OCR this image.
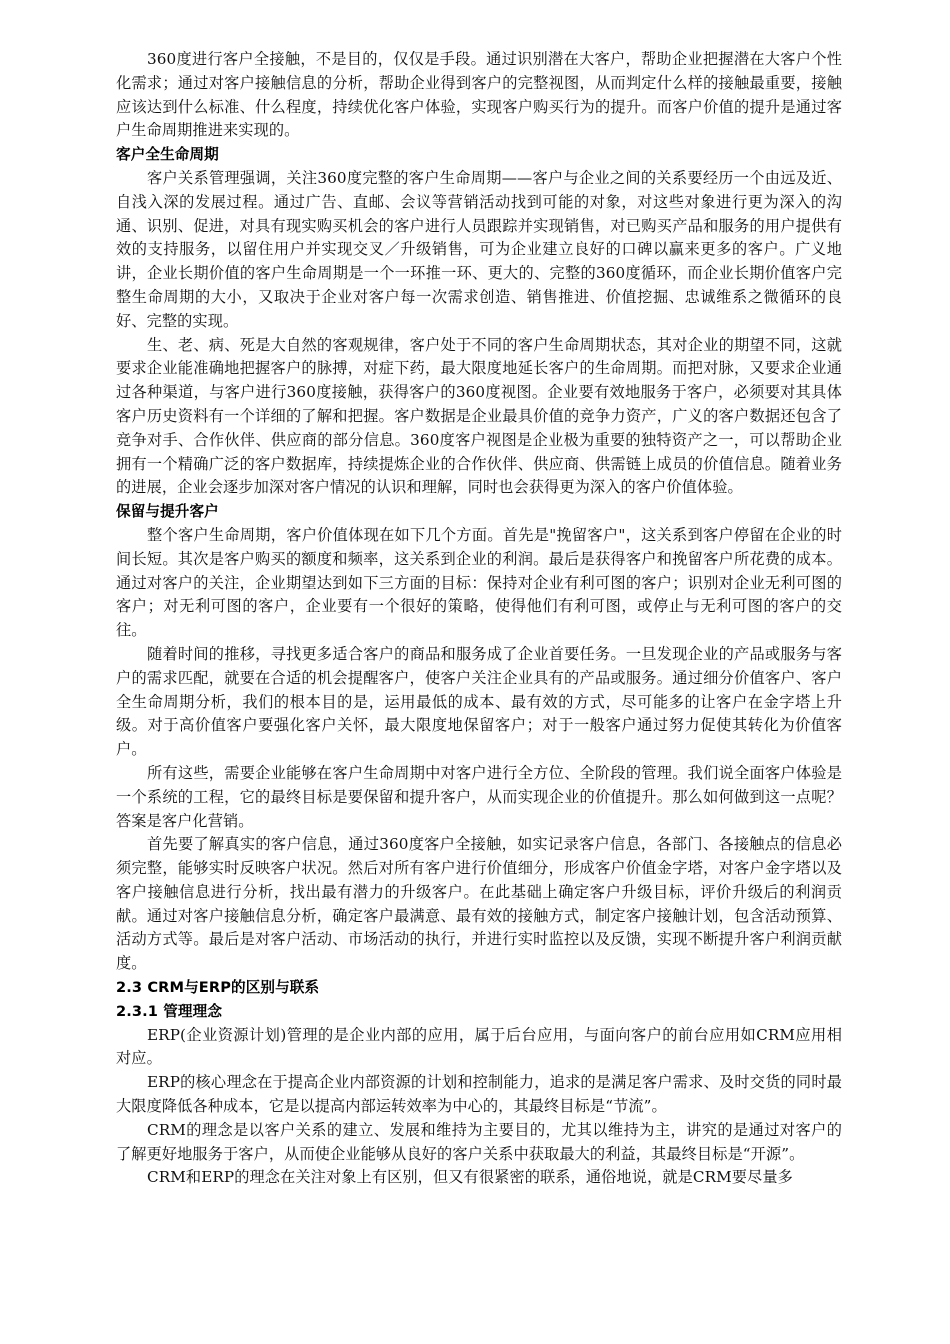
360度进行客户全接触，不是目的，仅仅是手段。通过识别潜在大客户，帮助企业把握潜在大客户个性化需求；通过对客户接触信息的分析，帮助企业得到客户的完整视图，从而判定什么样的接触最重要，接触应该达到什么标准、什么程度，持续优化客户体验，实现客户购买行为的提升。而客户价值的提升是通过客户生命周期推进来实现的。

客户全生命周期

客户关系管理强调，关注360度完整的客户生命周期——客户与企业之间的关系要经历一个由远及近、自浅入深的发展过程。通过广告、直邮、会议等营销活动找到可能的对象，对这些对象进行更为深入的沟通、识别、促进，对具有现实购买机会的客户进行人员跟踪并实现销售，对已购买产品和服务的用户提供有效的支持服务，以留住用户并实现交叉／升级销售，可为企业建立良好的口碑以赢来更多的客户。广义地讲，企业长期价值的客户生命周期是一个一环推一环、更大的、完整的360度循环，而企业长期价值客户完整生命周期的大小，又取决于企业对客户每一次需求创造、销售推进、价值挖掘、忠诚维系之微循环的良好、完整的实现。

生、老、病、死是大自然的客观规律，客户处于不同的客户生命周期状态，其对企业的期望不同，这就要求企业能准确地把握客户的脉搏，对症下药，最大限度地延长客户的生命周期。而把对脉，又要求企业通过各种渠道，与客户进行360度接触，获得客户的360度视图。企业要有效地服务于客户，必须要对其具体客户历史资料有一个详细的了解和把握。客户数据是企业最具价值的竞争力资产，广义的客户数据还包含了竞争对手、合作伙伴、供应商的部分信息。360度客户视图是企业极为重要的独特资产之一，可以帮助企业拥有一个精确广泛的客户数据库，持续提炼企业的合作伙伴、供应商、供需链上成员的价值信息。随着业务的进展，企业会逐步加深对客户情况的认识和理解，同时也会获得更为深入的客户价值体验。

保留与提升客户

整个客户生命周期，客户价值体现在如下几个方面。首先是"挽留客户"，这关系到客户停留在企业的时间长短。其次是客户购买的额度和频率，这关系到企业的利润。最后是获得客户和挽留客户所花费的成本。通过对客户的关注，企业期望达到如下三方面的目标：保持对企业有利可图的客户；识别对企业无利可图的客户；对无利可图的客户，企业要有一个很好的策略，使得他们有利可图，或停止与无利可图的客户的交往。

随着时间的推移，寻找更多适合客户的商品和服务成了企业首要任务。一旦发现企业的产品或服务与客户的需求匹配，就要在合适的机会提醒客户，使客户关注企业具有的产品或服务。通过细分价值客户、客户全生命周期分析，我们的根本目的是，运用最低的成本、最有效的方式，尽可能多的让客户在金字塔上升级。对于高价值客户要强化客户关怀，最大限度地保留客户；对于一般客户通过努力促使其转化为价值客户。

所有这些，需要企业能够在客户生命周期中对客户进行全方位、全阶段的管理。我们说全面客户体验是一个系统的工程，它的最终目标是要保留和提升客户，从而实现企业的价值提升。那么如何做到这一点呢？答案是客户化营销。

首先要了解真实的客户信息，通过360度客户全接触，如实记录客户信息，各部门、各接触点的信息必须完整，能够实时反映客户状况。然后对所有客户进行价值细分，形成客户价值金字塔，对客户金字塔以及客户接触信息进行分析，找出最有潜力的升级客户。在此基础上确定客户升级目标，评价升级后的利润贡献。通过对客户接触信息分析，确定客户最满意、最有效的接触方式，制定客户接触计划，包含活动预算、活动方式等。最后是对客户活动、市场活动的执行，并进行实时监控以及反馈，实现不断提升客户利润贡献度。

2.3 CRM与ERP的区别与联系
2.3.1 管理理念

ERP(企业资源计划)管理的是企业内部的应用，属于后台应用，与面向客户的前台应用如CRM应用相对应。

ERP的核心理念在于提高企业内部资源的计划和控制能力，追求的是满足客户需求、及时交货的同时最大限度降低各种成本，它是以提高内部运转效率为中心的，其最终目标是“节流”。

CRM的理念是以客户关系的建立、发展和维持为主要目的，尤其以维持为主，讲究的是通过对客户的了解更好地服务于客户，从而使企业能够从良好的客户关系中获取最大的利益，其最终目标是“开源”。

CRM和ERP的理念在关注对象上有区别，但又有很紧密的联系，通俗地说，就是CRM要尽量多
